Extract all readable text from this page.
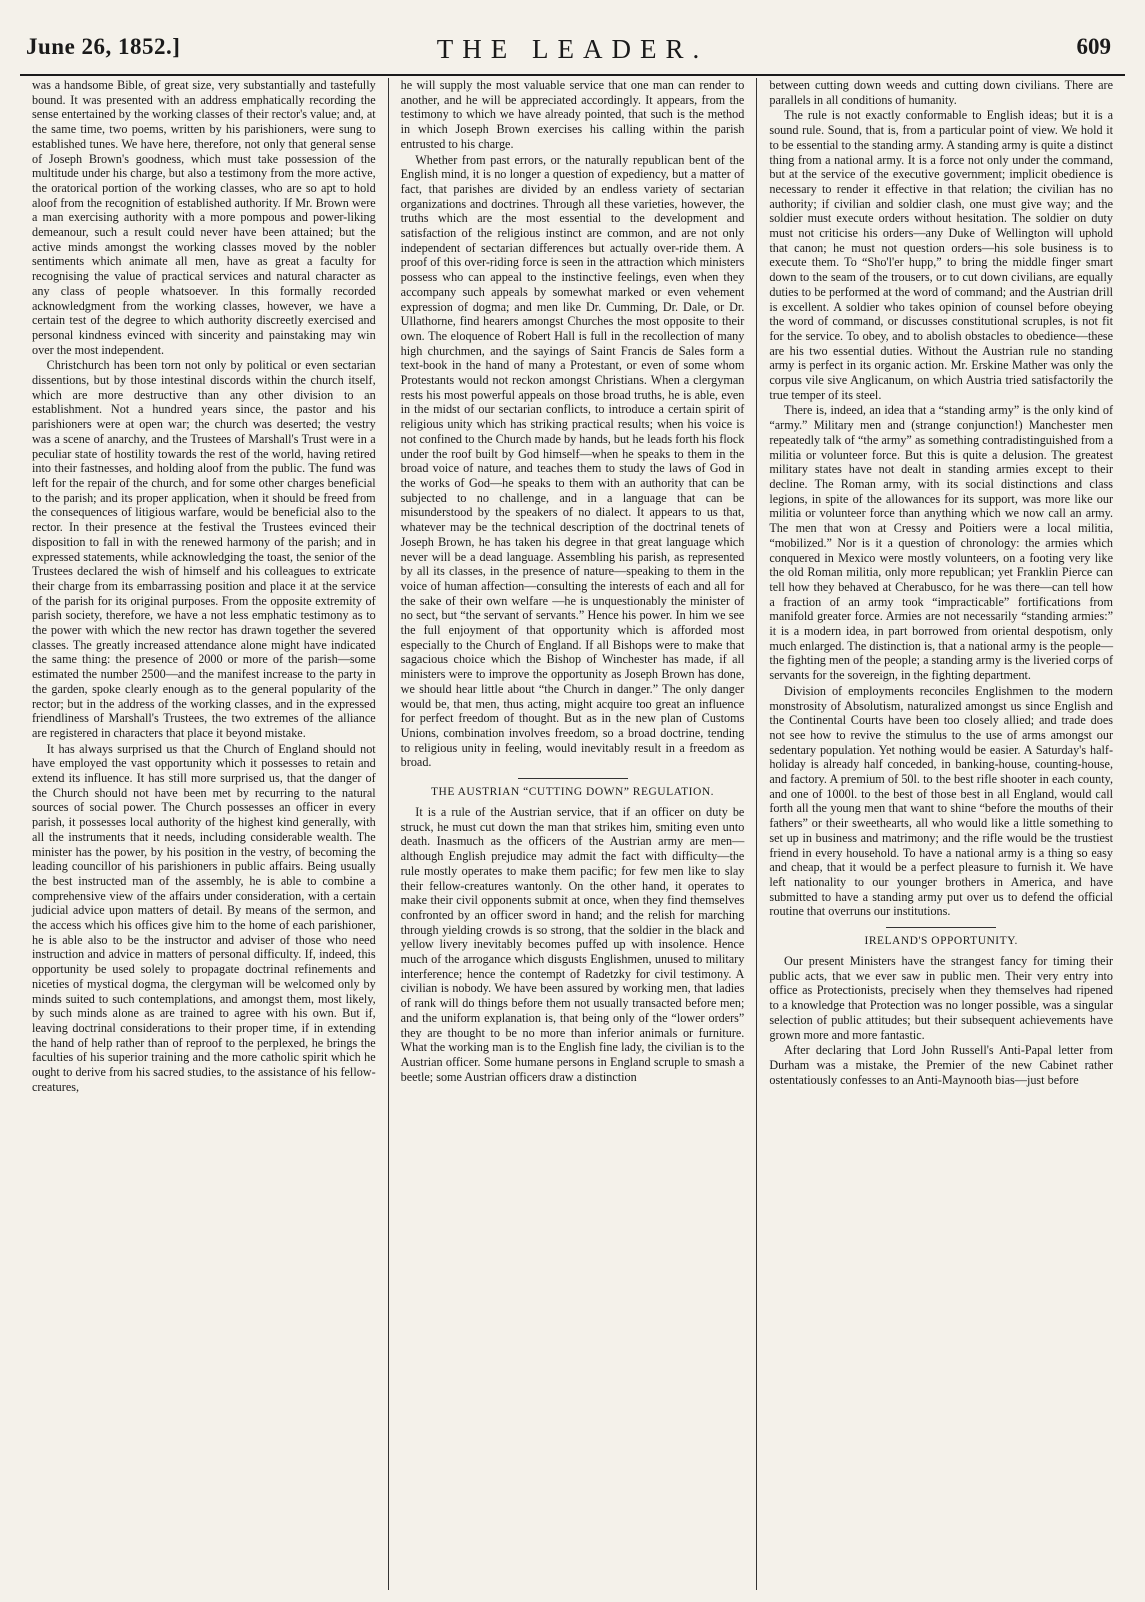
June 26, 1852.]	THE LEADER.	609

was a handsome Bible, of great size, very substantially and tastefully bound. It was presented with an address emphatically recording the sense entertained by the working classes of their rector's value; and, at the same time, two poems, written by his parishioners, were sung to established tunes. We have here, therefore, not only that general sense of Joseph Brown's goodness, which must take possession of the multitude under his charge, but also a testimony from the more active, the oratorical portion of the working classes, who are so apt to hold aloof from the recognition of established authority. If Mr. Brown were a man exercising authority with a more pompous and power-liking demeanour, such a result could never have been attained; but the active minds amongst the working classes moved by the nobler sentiments which animate all men, have as great a faculty for recognising the value of practical services and natural character as any class of people whatsoever. In this formally recorded acknowledgment from the working classes, however, we have a certain test of the degree to which authority discreetly exercised and personal kindness evinced with sincerity and painstaking may win over the most independent.

Christchurch has been torn not only by political or even sectarian dissentions, but by those intestinal discords within the church itself, which are more destructive than any other division to an establishment. Not a hundred years since, the pastor and his parishioners were at open war; the church was deserted; the vestry was a scene of anarchy, and the Trustees of Marshall's Trust were in a peculiar state of hostility towards the rest of the world, having retired into their fastnesses, and holding aloof from the public. The fund was left for the repair of the church, and for some other charges beneficial to the parish; and its proper application, when it should be freed from the consequences of litigious warfare, would be beneficial also to the rector. In their presence at the festival the Trustees evinced their disposition to fall in with the renewed harmony of the parish; and in expressed statements, while acknowledging the toast, the senior of the Trustees declared the wish of himself and his colleagues to extricate their charge from its embarrassing position and place it at the service of the parish for its original purposes. From the opposite extremity of parish society, therefore, we have a not less emphatic testimony as to the power with which the new rector has drawn together the severed classes. The greatly increased attendance alone might have indicated the same thing: the presence of 2000 or more of the parish—some estimated the number 2500—and the manifest increase to the party in the garden, spoke clearly enough as to the general popularity of the rector; but in the address of the working classes, and in the expressed friendliness of Marshall's Trustees, the two extremes of the alliance are registered in characters that place it beyond mistake.

It has always surprised us that the Church of England should not have employed the vast opportunity which it possesses to retain and extend its influence. It has still more surprised us, that the danger of the Church should not have been met by recurring to the natural sources of social power. The Church possesses an officer in every parish, it possesses local authority of the highest kind generally, with all the instruments that it needs, including considerable wealth. The minister has the power, by his position in the vestry, of becoming the leading councillor of his parishioners in public affairs. Being usually the best instructed man of the assembly, he is able to combine a comprehensive view of the affairs under consideration, with a certain judicial advice upon matters of detail. By means of the sermon, and the access which his offices give him to the home of each parishioner, he is able also to be the instructor and adviser of those who need instruction and advice in matters of personal difficulty. If, indeed, this opportunity be used solely to propagate doctrinal refinements and niceties of mystical dogma, the clergyman will be welcomed only by minds suited to such contemplations, and amongst them, most likely, by such minds alone as are trained to agree with his own. But if, leaving doctrinal considerations to their proper time, if in extending the hand of help rather than of reproof to the perplexed, he brings the faculties of his superior training and the more catholic spirit which he ought to derive from his sacred studies, to the assistance of his fellow-creatures,

he will supply the most valuable service that one man can render to another, and he will be appreciated accordingly. It appears, from the testimony to which we have already pointed, that such is the method in which Joseph Brown exercises his calling within the parish entrusted to his charge.

Whether from past errors, or the naturally republican bent of the English mind, it is no longer a question of expediency, but a matter of fact, that parishes are divided by an endless variety of sectarian organizations and doctrines. Through all these varieties, however, the truths which are the most essential to the development and satisfaction of the religious instinct are common, and are not only independent of sectarian differences but actually over-ride them. A proof of this over-riding force is seen in the attraction which ministers possess who can appeal to the instinctive feelings, even when they accompany such appeals by somewhat marked or even vehement expression of dogma; and men like Dr. Cumming, Dr. Dale, or Dr. Ullathorne, find hearers amongst Churches the most opposite to their own. The eloquence of Robert Hall is full in the recollection of many high churchmen, and the sayings of Saint Francis de Sales form a text-book in the hand of many a Protestant, or even of some whom Protestants would not reckon amongst Christians. When a clergyman rests his most powerful appeals on those broad truths, he is able, even in the midst of our sectarian conflicts, to introduce a certain spirit of religious unity which has striking practical results; when his voice is not confined to the Church made by hands, but he leads forth his flock under the roof built by God himself—when he speaks to them in the broad voice of nature, and teaches them to study the laws of God in the works of God—he speaks to them with an authority that can be subjected to no challenge, and in a language that can be misunderstood by the speakers of no dialect. It appears to us that, whatever may be the technical description of the doctrinal tenets of Joseph Brown, he has taken his degree in that great language which never will be a dead language. Assembling his parish, as represented by all its classes, in the presence of nature—speaking to them in the voice of human affection—consulting the interests of each and all for the sake of their own welfare —he is unquestionably the minister of no sect, but “the servant of servants.” Hence his power. In him we see the full enjoyment of that opportunity which is afforded most especially to the Church of England. If all Bishops were to make that sagacious choice which the Bishop of Winchester has made, if all ministers were to improve the opportunity as Joseph Brown has done, we should hear little about “the Church in danger.” The only danger would be, that men, thus acting, might acquire too great an influence for perfect freedom of thought. But as in the new plan of Customs Unions, combination involves freedom, so a broad doctrine, tending to religious unity in feeling, would inevitably result in a freedom as broad.

THE AUSTRIAN “CUTTING DOWN” REGULATION.

It is a rule of the Austrian service, that if an officer on duty be struck, he must cut down the man that strikes him, smiting even unto death. Inasmuch as the officers of the Austrian army are men—although English prejudice may admit the fact with difficulty—the rule mostly operates to make them pacific; for few men like to slay their fellow-creatures wantonly. On the other hand, it operates to make their civil opponents submit at once, when they find themselves confronted by an officer sword in hand; and the relish for marching through yielding crowds is so strong, that the soldier in the black and yellow livery inevitably becomes puffed up with insolence. Hence much of the arrogance which disgusts Englishmen, unused to military interference; hence the contempt of Radetzky for civil testimony. A civilian is nobody. We have been assured by working men, that ladies of rank will do things before them not usually transacted before men; and the uniform explanation is, that being only of the “lower orders” they are thought to be no more than inferior animals or furniture. What the working man is to the English fine lady, the civilian is to the Austrian officer. Some humane persons in England scruple to smash a beetle; some Austrian officers draw a distinction

between cutting down weeds and cutting down civilians. There are parallels in all conditions of humanity.

The rule is not exactly conformable to English ideas; but it is a sound rule. Sound, that is, from a particular point of view. We hold it to be essential to the standing army. A standing army is quite a distinct thing from a national army. It is a force not only under the command, but at the service of the executive government; implicit obedience is necessary to render it effective in that relation; the civilian has no authority; if civilian and soldier clash, one must give way; and the soldier must execute orders without hesitation. The soldier on duty must not criticise his orders—any Duke of Wellington will uphold that canon; he must not question orders—his sole business is to execute them. To “Sho'l'er hupp,” to bring the middle finger smart down to the seam of the trousers, or to cut down civilians, are equally duties to be performed at the word of command; and the Austrian drill is excellent. A soldier who takes opinion of counsel before obeying the word of command, or discusses constitutional scruples, is not fit for the service. To obey, and to abolish obstacles to obedience—these are his two essential duties. Without the Austrian rule no standing army is perfect in its organic action. Mr. Erskine Mather was only the corpus vile sive Anglicanum, on which Austria tried satisfactorily the true temper of its steel.

There is, indeed, an idea that a “standing army” is the only kind of “army.” Military men and (strange conjunction!) Manchester men repeatedly talk of “the army” as something contradistinguished from a militia or volunteer force. But this is quite a delusion. The greatest military states have not dealt in standing armies except to their decline. The Roman army, with its social distinctions and class legions, in spite of the allowances for its support, was more like our militia or volunteer force than anything which we now call an army. The men that won at Cressy and Poitiers were a local militia, “mobilized.” Nor is it a question of chronology: the armies which conquered in Mexico were mostly volunteers, on a footing very like the old Roman militia, only more republican; yet Franklin Pierce can tell how they behaved at Cherabusco, for he was there—can tell how a fraction of an army took “impracticable” fortifications from manifold greater force. Armies are not necessarily “standing armies:” it is a modern idea, in part borrowed from oriental despotism, only much enlarged. The distinction is, that a national army is the people—the fighting men of the people; a standing army is the liveried corps of servants for the sovereign, in the fighting department.

Division of employments reconciles Englishmen to the modern monstrosity of Absolutism, naturalized amongst us since English and the Continental Courts have been too closely allied; and trade does not see how to revive the stimulus to the use of arms amongst our sedentary population. Yet nothing would be easier. A Saturday's half-holiday is already half conceded, in banking-house, counting-house, and factory. A premium of 50l. to the best rifle shooter in each county, and one of 1000l. to the best of those best in all England, would call forth all the young men that want to shine “before the mouths of their fathers” or their sweethearts, all who would like a little something to set up in business and matrimony; and the rifle would be the trustiest friend in every household. To have a national army is a thing so easy and cheap, that it would be a perfect pleasure to furnish it. We have left nationality to our younger brothers in America, and have submitted to have a standing army put over us to defend the official routine that overruns our institutions.

IRELAND'S OPPORTUNITY.

Our present Ministers have the strangest fancy for timing their public acts, that we ever saw in public men. Their very entry into office as Protectionists, precisely when they themselves had ripened to a knowledge that Protection was no longer possible, was a singular selection of public attitudes; but their subsequent achievements have grown more and more fantastic.

After declaring that Lord John Russell's Anti-Papal letter from Durham was a mistake, the Premier of the new Cabinet rather ostentatiously confesses to an Anti-Maynooth bias—just before
